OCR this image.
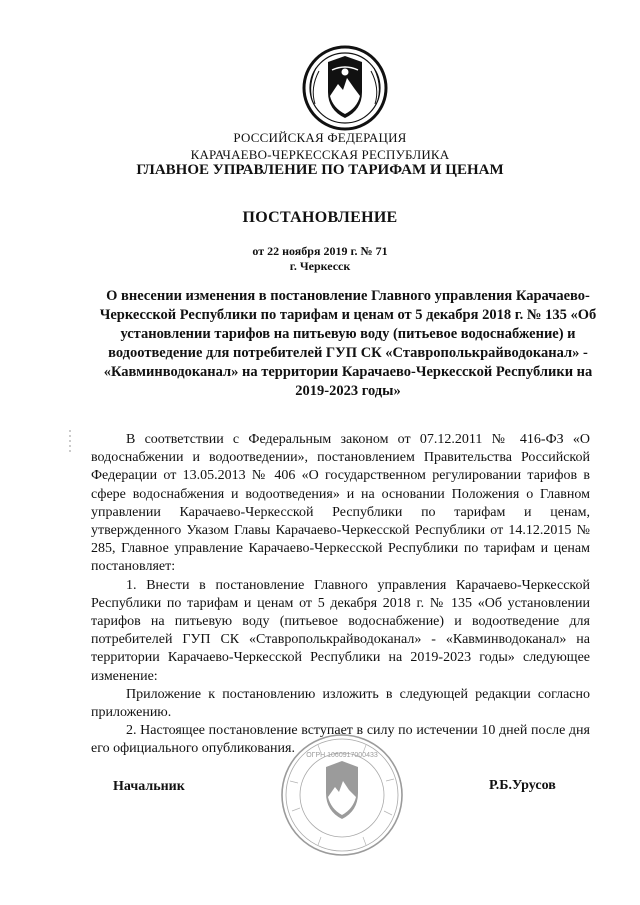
РОССИЙСКАЯ ФЕДЕРАЦИЯ
КАРАЧАЕВО-ЧЕРКЕССКАЯ РЕСПУБЛИКА
ГЛАВНОЕ УПРАВЛЕНИЕ ПО ТАРИФАМ И ЦЕНАМ
ПОСТАНОВЛЕНИЕ
от 22 ноября 2019 г. № 71
г. Черкесск
О внесении изменения в постановление Главного управления Карачаево-Черкесской Республики по тарифам и ценам от 5 декабря 2018 г. № 135 «Об установлении тарифов на питьевую воду (питьевое водоснабжение) и водоотведение для потребителей ГУП СК «Ставрополькрайводоканал» - «Кавминводоканал» на территории Карачаево-Черкесской Республики на 2019-2023 годы»

В соответствии с Федеральным законом от 07.12.2011 № 416-ФЗ «О водоснабжении и водоотведении», постановлением Правительства Российской Федерации от 13.05.2013 № 406 «О государственном регулировании тарифов в сфере водоснабжения и водоотведения» и на основании Положения о Главном управлении Карачаево-Черкесской Республики по тарифам и ценам, утвержденного Указом Главы Карачаево-Черкесской Республики от 14.12.2015 № 285, Главное управление Карачаево-Черкесской Республики по тарифам и ценам постановляет:

1. Внести в постановление Главного управления Карачаево-Черкесской Республики по тарифам и ценам от 5 декабря 2018 г. № 135 «Об установлении тарифов на питьевую воду (питьевое водоснабжение) и водоотведение для потребителей ГУП СК «Ставрополькрайводоканал» - «Кавминводоканал» на территории Карачаево-Черкесской Республики на 2019-2023 годы» следующее изменение:

Приложение к постановлению изложить в следующей редакции согласно приложению.

2. Настоящее постановление вступает в силу по истечении 10 дней после дня его официального опубликования.	ОГРН 1060917000433
Начальник	Р.Б.Урусов
